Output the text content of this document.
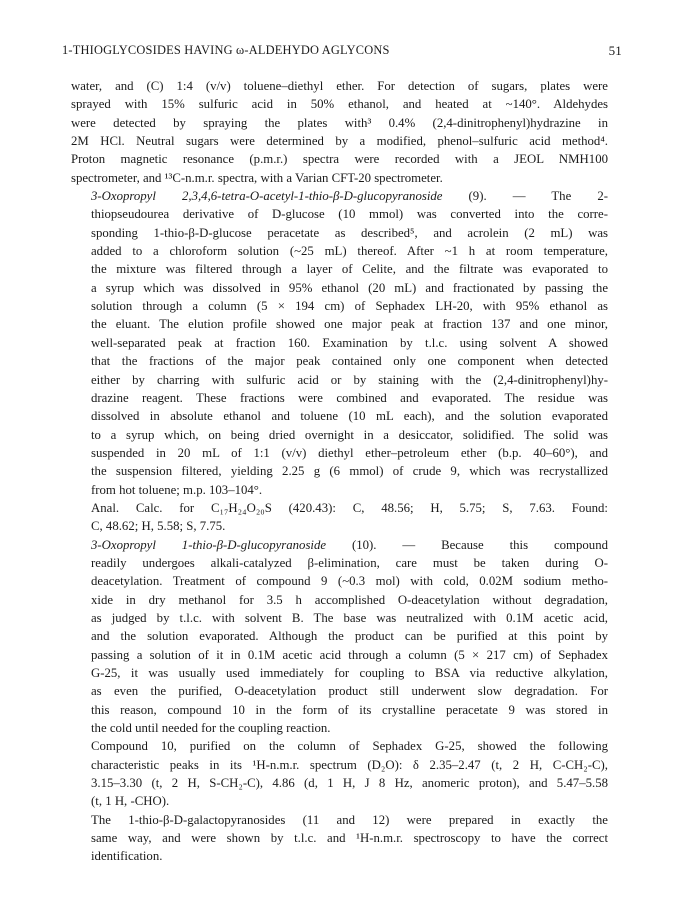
1-THIOGLYCOSIDES HAVING ω-ALDEHYDO AGLYCONS	51

water, and (C) 1:4 (v/v) toluene–diethyl ether. For detection of sugars, plates were
sprayed with 15% sulfuric acid in 50% ethanol, and heated at ~140°. Aldehydes
were detected by spraying the plates with³ 0.4% (2,4-dinitrophenyl)hydrazine in
2M HCl. Neutral sugars were determined by a modified, phenol–sulfuric acid method⁴.
Proton magnetic resonance (p.m.r.) spectra were recorded with a JEOL NMH100
spectrometer, and ¹³C-n.m.r. spectra, with a Varian CFT-20 spectrometer.

3-Oxopropyl 2,3,4,6-tetra-O-acetyl-1-thio-β-D-glucopyranoside (9). — The 2-
thiopseudourea derivative of D-glucose (10 mmol) was converted into the corre-
sponding 1-thio-β-D-glucose peracetate as described⁵, and acrolein (2 mL) was
added to a chloroform solution (~25 mL) thereof. After ~1 h at room temperature,
the mixture was filtered through a layer of Celite, and the filtrate was evaporated to
a syrup which was dissolved in 95% ethanol (20 mL) and fractionated by passing the
solution through a column (5 × 194 cm) of Sephadex LH-20, with 95% ethanol as
the eluant. The elution profile showed one major peak at fraction 137 and one minor,
well-separated peak at fraction 160. Examination by t.l.c. using solvent A showed
that the fractions of the major peak contained only one component when detected
either by charring with sulfuric acid or by staining with the (2,4-dinitrophenyl)hy-
drazine reagent. These fractions were combined and evaporated. The residue was
dissolved in absolute ethanol and toluene (10 mL each), and the solution evaporated
to a syrup which, on being dried overnight in a desiccator, solidified. The solid was
suspended in 20 mL of 1:1 (v/v) diethyl ether–petroleum ether (b.p. 40–60°), and
the suspension filtered, yielding 2.25 g (6 mmol) of crude 9, which was recrystallized
from hot toluene; m.p. 103–104°.

Anal. Calc. for C₁₇H₂₄O₂₀S (420.43): C, 48.56; H, 5.75; S, 7.63. Found:
C, 48.62; H, 5.58; S, 7.75.

3-Oxopropyl 1-thio-β-D-glucopyranoside (10). — Because this compound
readily undergoes alkali-catalyzed β-elimination, care must be taken during O-
deacetylation. Treatment of compound 9 (~0.3 mol) with cold, 0.02M sodium metho-
xide in dry methanol for 3.5 h accomplished O-deacetylation without degradation,
as judged by t.l.c. with solvent B. The base was neutralized with 0.1M acetic acid,
and the solution evaporated. Although the product can be purified at this point by
passing a solution of it in 0.1M acetic acid through a column (5 × 217 cm) of Sephadex
G-25, it was usually used immediately for coupling to BSA via reductive alkylation,
as even the purified, O-deacetylation product still underwent slow degradation. For
this reason, compound 10 in the form of its crystalline peracetate 9 was stored in
the cold until needed for the coupling reaction.

Compound 10, purified on the column of Sephadex G-25, showed the following
characteristic peaks in its ¹H-n.m.r. spectrum (D₂O): δ 2.35–2.47 (t, 2 H, C-CH₂-C),
3.15–3.30 (t, 2 H, S-CH₂-C), 4.86 (d, 1 H, J 8 Hz, anomeric proton), and 5.47–5.58
(t, 1 H, -CHO).

The 1-thio-β-D-galactopyranosides (11 and 12) were prepared in exactly the
same way, and were shown by t.l.c. and ¹H-n.m.r. spectroscopy to have the correct
identification.
